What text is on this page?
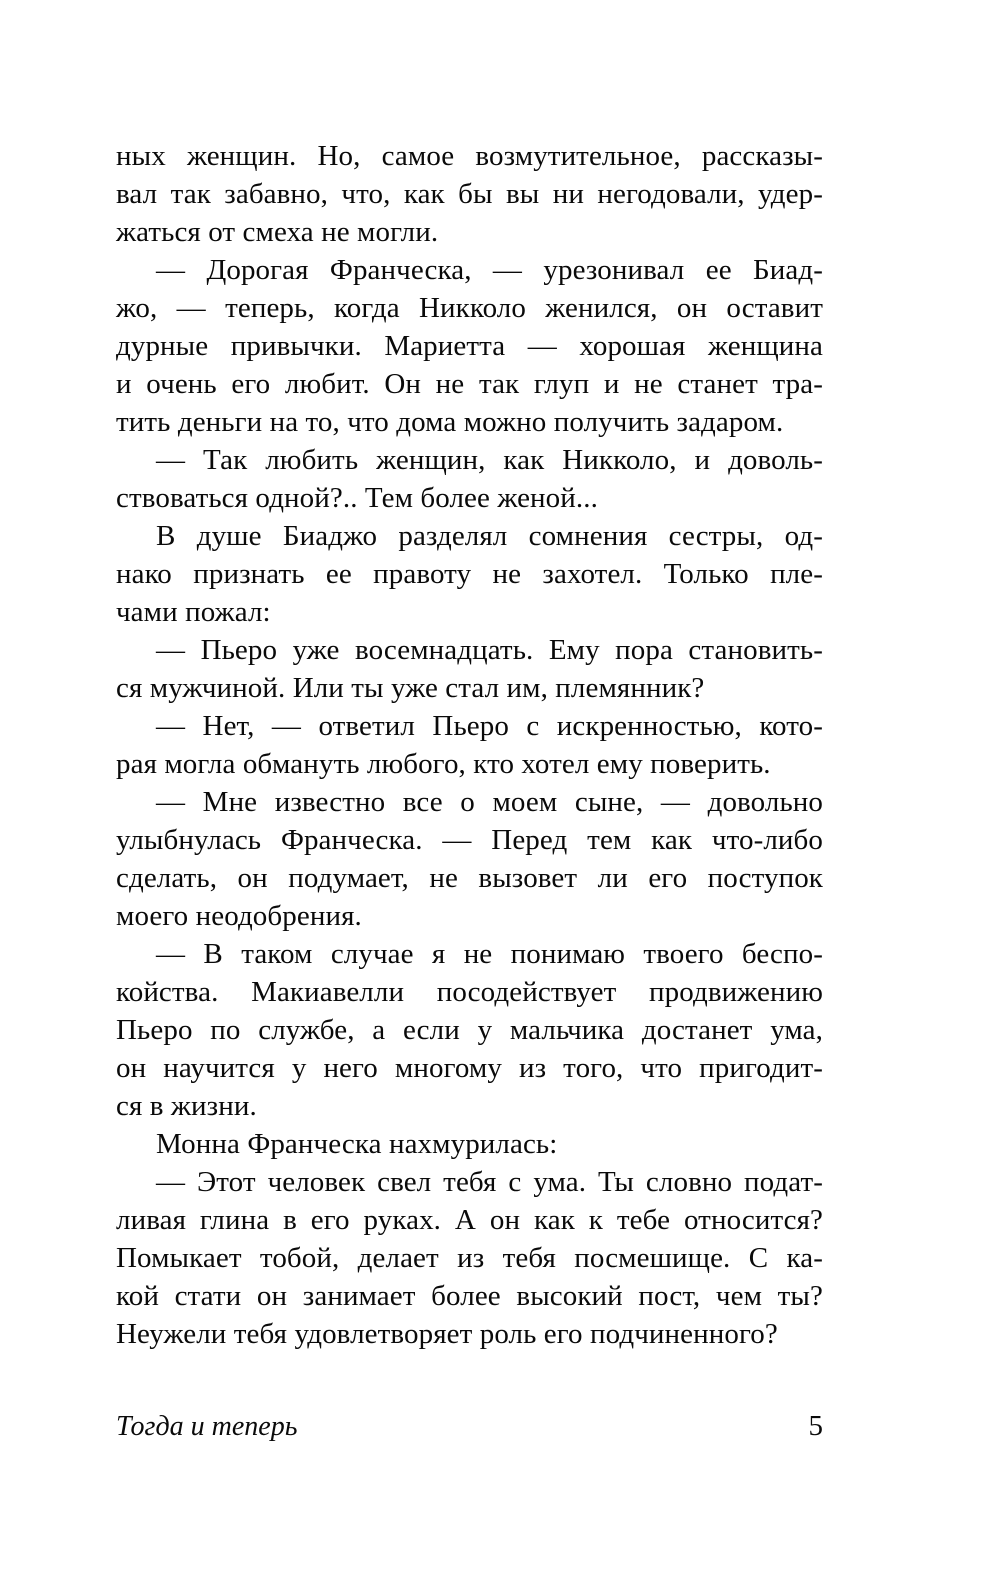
ных женщин. Но, самое возмутительное, рассказы-
вал так забавно, что, как бы вы ни негодовали, удер-
жаться от смеха не могли.
— Дорогая Франческа, — урезонивал ее Биад-
жо, — теперь, когда Никколо женился, он оставит
дурные привычки. Мариетта — хорошая женщина
и очень его любит. Он не так глуп и не станет тра-
тить деньги на то, что дома можно получить задаром.
— Так любить женщин, как Никколо, и доволь-
ствоваться одной?.. Тем более женой...
В душе Биаджо разделял сомнения сестры, од-
нако признать ее правоту не захотел. Только пле-
чами пожал:
— Пьеро уже восемнадцать. Ему пора становить-
ся мужчиной. Или ты уже стал им, племянник?
— Нет, — ответил Пьеро с искренностью, кото-
рая могла обмануть любого, кто хотел ему поверить.
— Мне известно все о моем сыне, — довольно
улыбнулась Франческа. — Перед тем как что-либо
сделать, он подумает, не вызовет ли его поступок
моего неодобрения.
— В таком случае я не понимаю твоего беспо-
койства. Макиавелли посодействует продвижению
Пьеро по службе, а если у мальчика достанет ума,
он научится у него многому из того, что пригодит-
ся в жизни.
Монна Франческа нахмурилась:
— Этот человек свел тебя с ума. Ты словно подат-
ливая глина в его руках. А он как к тебе относится?
Помыкает тобой, делает из тебя посмешище. С ка-
кой стати он занимает более высокий пост, чем ты?
Неужели тебя удовлетворяет роль его подчиненного?
Тогда и теперь	5
